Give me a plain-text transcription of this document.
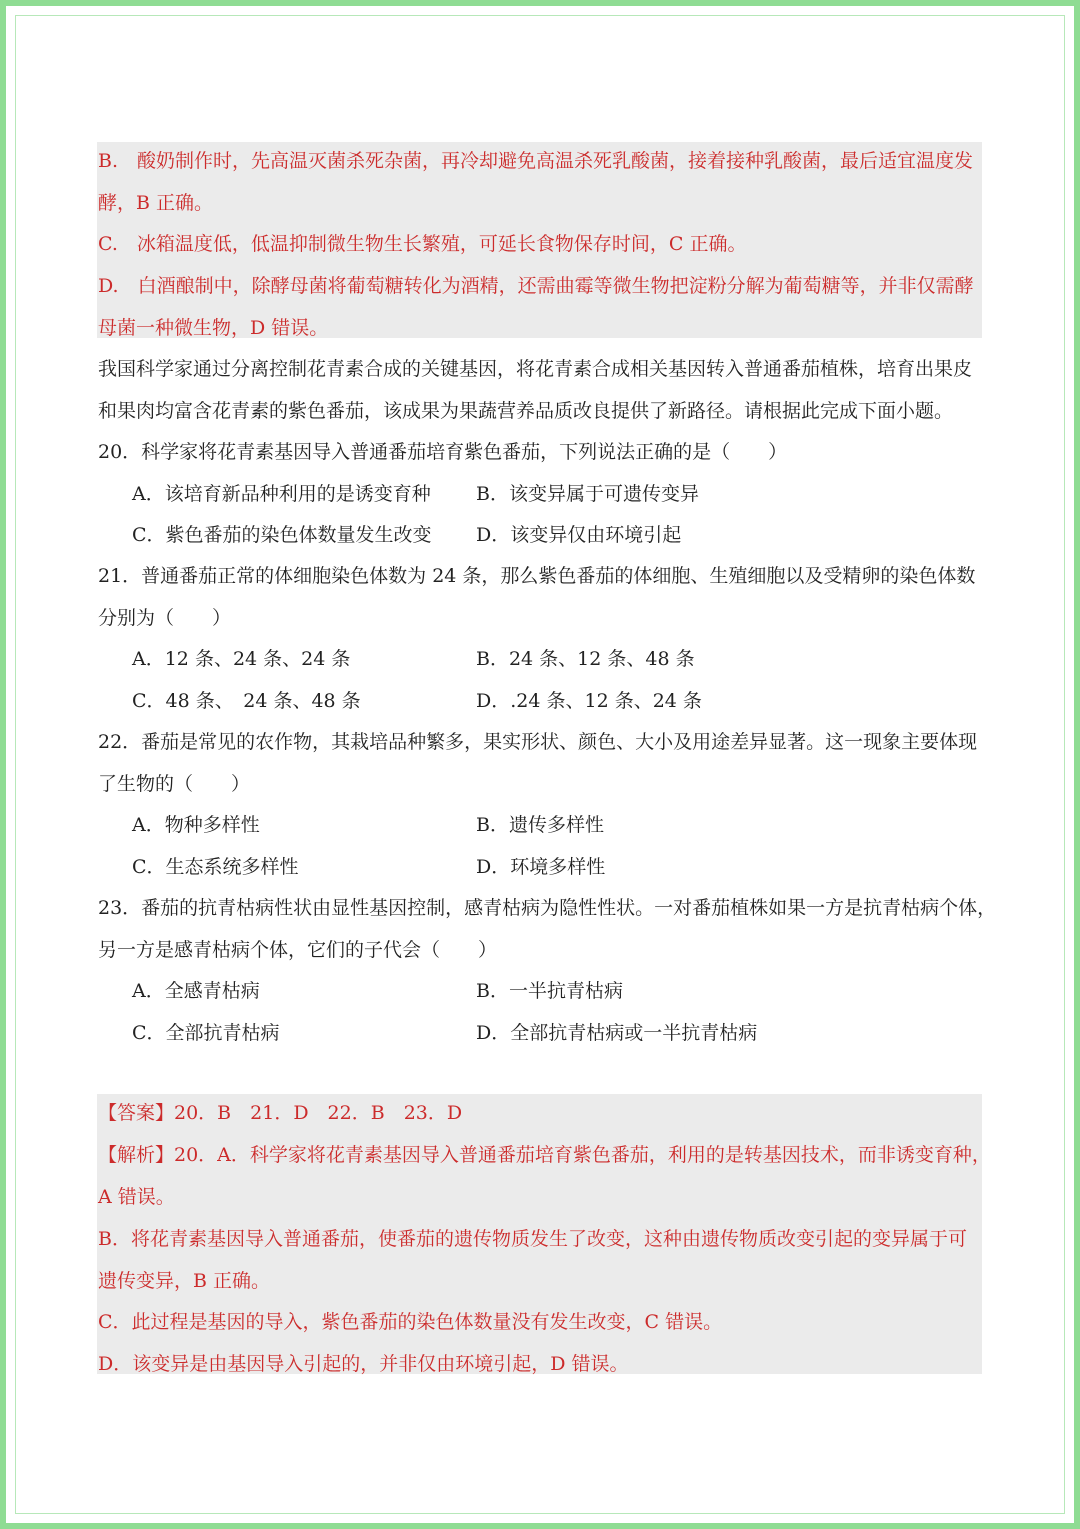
B.　酸奶制作时，先高温灭菌杀死杂菌，再冷却避免高温杀死乳酸菌，接着接种乳酸菌，最后适宜温度发
酵，B 正确。
C.　冰箱温度低，低温抑制微生物生长繁殖，可延长食物保存时间，C 正确。
D.　白酒酿制中，除酵母菌将葡萄糖转化为酒精，还需曲霉等微生物把淀粉分解为葡萄糖等，并非仅需酵
母菌一种微生物，D 错误。
我国科学家通过分离控制花青素合成的关键基因，将花青素合成相关基因转入普通番茄植株，培育出果皮
和果肉均富含花青素的紫色番茄，该成果为果蔬营养品质改良提供了新路径。请根据此完成下面小题。
20．科学家将花青素基因导入普通番茄培育紫色番茄，下列说法正确的是（　　）
A．该培育新品种利用的是诱变育种 B．该变异属于可遗传变异
C．紫色番茄的染色体数量发生改变 D．该变异仅由环境引起
21．普通番茄正常的体细胞染色体数为 24 条，那么紫色番茄的体细胞、生殖细胞以及受精卵的染色体数
分别为（　　）
A．12 条、24 条、24 条	B．24 条、12 条、48 条
C．48 条、　24 条、48 条	D．.24 条、12 条、24 条
22．番茄是常见的农作物，其栽培品种繁多，果实形状、颜色、大小及用途差异显著。这一现象主要体现
了生物的（　　）
A．物种多样性	B．遗传多样性
C．生态系统多样性	D．环境多样性
23．番茄的抗青枯病性状由显性基因控制，感青枯病为隐性性状。一对番茄植株如果一方是抗青枯病个体，
另一方是感青枯病个体，它们的子代会（　　）
A．全感青枯病	B．一半抗青枯病
C．全部抗青枯病	D．全部抗青枯病或一半抗青枯病
【答案】20．B　21．D　22．B　23．D
【解析】20．A．科学家将花青素基因导入普通番茄培育紫色番茄，利用的是转基因技术，而非诱变育种，
A 错误。
B．将花青素基因导入普通番茄，使番茄的遗传物质发生了改变，这种由遗传物质改变引起的变异属于可
遗传变异，B 正确。
C．此过程是基因的导入，紫色番茄的染色体数量没有发生改变，C 错误。
D．该变异是由基因导入引起的，并非仅由环境引起，D 错误。
